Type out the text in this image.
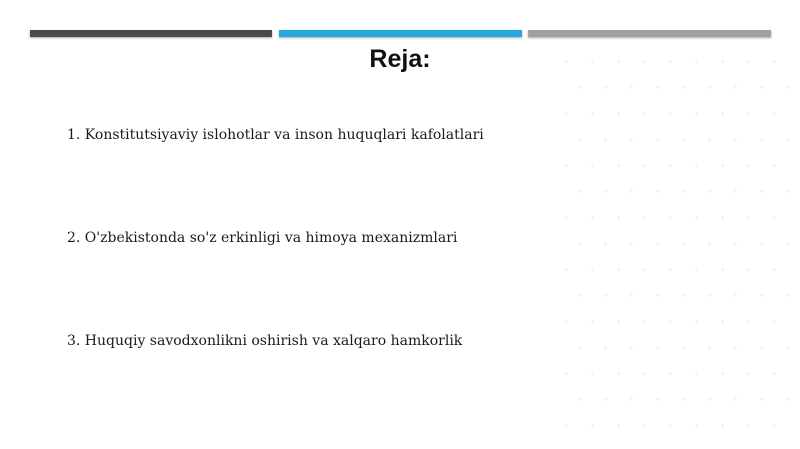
Reja:
1. Konstitutsiyaviy islohotlar va inson huquqlari kafolatlari
2. O'zbekistonda so'z erkinligi va himoya mexanizmlari
3. Huquqiy savodxonlikni oshirish va xalqaro hamkorlik
